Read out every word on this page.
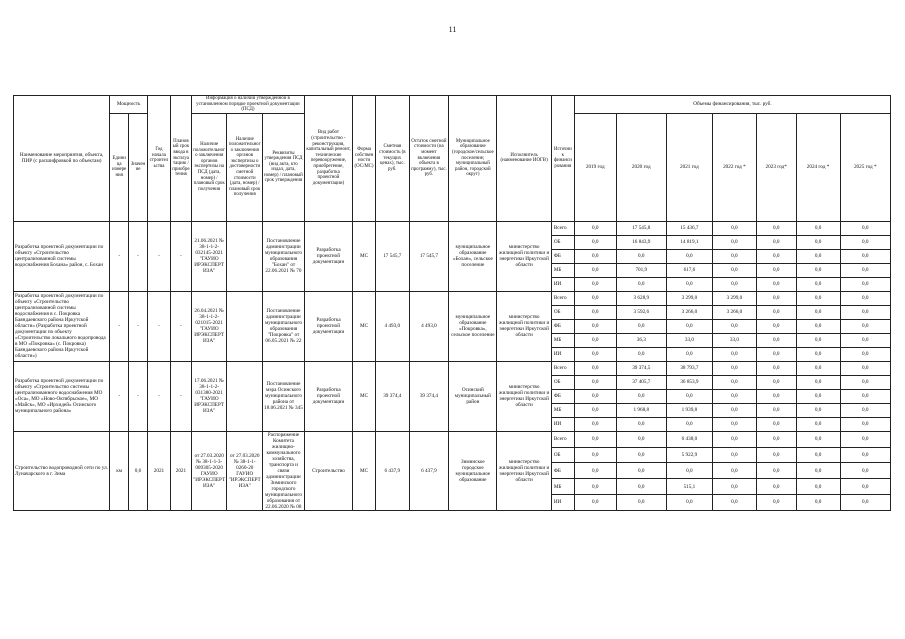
11
Наименование мероприятия, объекта, ПИР (с расшифровкой по объектам)	Мощность		Год начала строительства	Плановый срок ввода в эксплуатацию / приобретения	Информация о наличии утвержденной в установленном порядке проектной документации (ПСД)			Вид работ (строительство - реконструкция, капитальный ремонт, технические перевооружение, приобретение, разработка проектной документации)	Форма собственности (ОС/МС)	Сметная стоимость (в текущих ценах), тыс. руб.	Остаток сметной стоимости (на момент включения объекта в программу), тыс. руб.	Муниципальное образование (городское/сельское поселение; муниципальный район, городской округ)	Исполнитель (наименование ИОГВ)	Источник финансирования	Объемы финансирования, тыс. руб.						
	Единица измерения	Значение			Наличие положительного заключения органов экспертизы на ПСД (дата, номер) / плановый срок получения	Наличие положительного заключения органов экспертизы о достоверности сметной стоимости (дата, номер) / плановый срок получения	Реквизиты утверждения ПСД (вид акта, кто издал, дата, номер) / плановый срок утверждения								2019 год	2020 год	2021 год	2022 год *	2023 год*	2024 год *	2025 год *
Разработка проектной документации по объекту «Строительство централизованной системы водоснабжения Бохана» район, с. Бохан	-	-	-	-	21.06.2021 № 38-1-1-2-032145-2021 "ГАУИО ИРЭКСПЕРТИЗА"		Постановление администрации муниципального образования "Бохан" от 22.06.2021 № 70	Разработка проектной документации	МС	17 545,7	17 545,7	муниципальное образование «Бохан», сельское поселение	министерство жилищной политики и энергетики Иркутской области	Всего	0,0	17 545,8	15 436,7	0,0	0,0	0,0	0,0
														ОБ	0,0	16 843,9	14 819,1	0,0	0,0	0,0	0,0
														ФБ	0,0	0,0	0,0	0,0	0,0	0,0	0,0
														МБ	0,0	701,9	617,6	0,0	0,0	0,0	0,0
														ИИ	0,0	0,0	0,0	0,0	0,0	0,0	0,0
Разработка проектной документации по объекту «Строительство централизованной системы водоснабжения в с. Покровка Баяндаевского района Иркутской области» (Разработка проектной документации по объекту «Строительство локального водопровода в МО «Покровка» (с. Покровка) Баяндаевского района Иркутской области»)	-	-	-	-	26.04.2021 № 38-1-1-2-021015-2021 "ГАУИО ИРЭКСПЕРТИЗА"		Постановление администрации муниципального образования "Покровка" от 06.05.2021 № 22	Разработка проектной документации	МС	4 493,0	4 493,0	муниципальное образование «Покровка», сельское поселение	министерство жилищной политики и энергетики Иркутской области	Всего	0,0	3 628,9	3 299,0	3 299,0	0,0	0,0	0,0
														ОБ	0,0	3 592,6	3 266,0	3 266,0	0,0	0,0	0,0
														ФБ	0,0	0,0	0,0	0,0	0,0	0,0	0,0
														МБ	0,0	36,3	33,0	33,0	0,0	0,0	0,0
														ИИ	0,0	0,0	0,0	0,0	0,0	0,0	0,0
Разработка проектной документации по объекту «Строительство системы централизованного водоснабжения МО «Оса», МО «Ново-Октябрьское», МО «Майск», МО «Ирхидей» Осинского муниципального района»	-	-	-	-	17.06.2021 № 38-1-1-2-031380-2021 "ГАУИО ИРЭКСПЕРТИЗА"		Постановление мэра Осинского муниципального района от 18.06.2021 № 345	Разработка проектной документации	МС	39 374,4	39 374,4	Осинский муниципальный район	министерство жилищной политики и энергетики Иркутской области	Всего	0,0	39 374,5	38 793,7	0,0	0,0	0,0	0,0
														ОБ	0,0	37 405,7	36 853,9	0,0	0,0	0,0	0,0
														ФБ	0,0	0,0	0,0	0,0	0,0	0,0	0,0
														МБ	0,0	1 968,8	1 939,8	0,0	0,0	0,0	0,0
														ИИ	0,0	0,0	0,0	0,0	0,0	0,0	0,0
Строительство водопроводной сети по ул. Луначарского в г. Зима	км	0,6	2021	2021	от 27.03.2020 № 38-1-1-3-009305-2020 ГАУИО "ИРЭКСПЕРТИЗА"	от 27.03.2020 № 38-1-1-0260-20 ГАУИО "ИРЭКСПЕРТИЗА"	Распоряжение Комитета жилищно-коммунального хозяйства, транспорта и связи администрации Зиминского городского муниципального образования от 22.06.2020 № 08	Строительство	МС	6 437,9	6 437,9	Зиминское городское муниципальное образование	министерство жилищной политики и энергетики Иркутской области	Всего	0,0	0,0	6 438,0	0,0	0,0	0,0	0,0
														ОБ	0,0	0,0	5 922,9	0,0	0,0	0,0	0,0
														ФБ	0,0	0,0	0,0	0,0	0,0	0,0	0,0
														МБ	0,0	0,0	515,1	0,0	0,0	0,0	0,0
														ИИ	0,0	0,0	0,0	0,0	0,0	0,0	0,0
